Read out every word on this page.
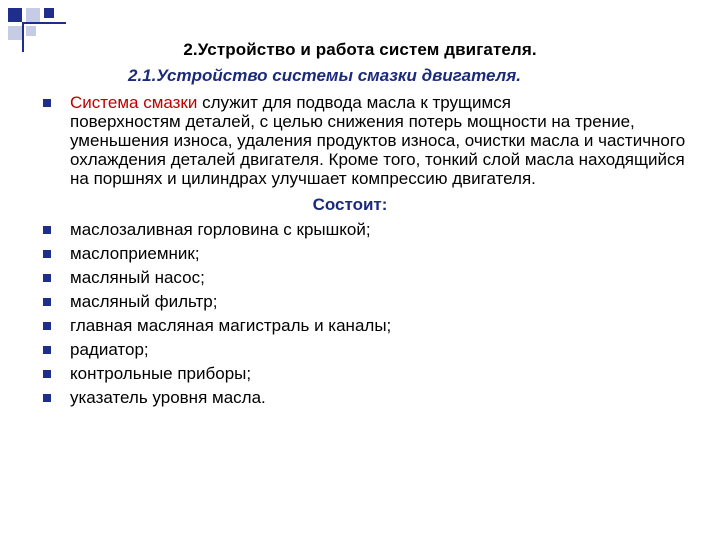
2.Устройство и работа систем двигателя.
2.1.Устройство системы смазки двигателя.
Система смазки служит для подвода масла к трущимся
поверхностям деталей, с целью снижения потерь мощности на трение, уменьшения износа, удаления продуктов износа, очистки масла и частичного охлаждения деталей двигателя. Кроме того, тонкий слой масла находящийся на поршнях и цилиндрах улучшает компрессию двигателя.
Состоит:
маслозаливная горловина с крышкой;
маслоприемник;
масляный насос;
масляный фильтр;
главная масляная магистраль и каналы;
радиатор;
контрольные приборы;
указатель уровня масла.
